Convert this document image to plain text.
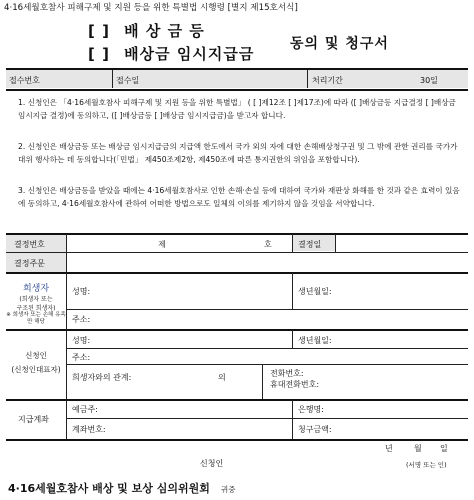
4·16세월호참사 피해구제 및 지원 등을 위한 특별법 시행령 [별지 제15호서식]
[ ] 배 상 금 등
[ ] 배상금 임시지급금
동의 및 청구서
접수번호	접수일	처리기간	30일
1. 신청인은 「4·16세월호참사 피해구제 및 지원 등을 위한 특별법」 ( [ ]제12조 [ ]제17조)에 따라 ([ ]배상금등 지급결정 [ ]배상금 임시지급 결정)에 동의하고, ([ ]배상금등 [ ]배상금 임시지급금)을 받고자 합니다.
2. 신청인은 배상금등 또는 배상금 임시지급금의 지급액 한도에서 국가 외의 자에 대한 손해배상청구권 및 그 밖에 관한 권리를 국가가 대위 행사하는 데 동의합니다(「민법」 제450조제2항, 제450조에 따른 통지권한의 위임을 포함합니다).
3. 신청인은 배상금등을 받았을 때에는 4·16세월호참사로 인한 손해·손실 등에 대하여 국가와 재판상 화해를 한 것과 같은 효력이 있음에 동의하고, 4·16세월호참사에 관하여 어떠한 방법으로도 일체의 이의를 제기하지 않을 것임을 서약합니다.
결정번호	제	호	결정일
결정주문
희생자
(희생자 또는
구조된 희생자)
※ 희생자 또는 손해 유족 만 해당
성명:	생년월일:
주소:
신청인
(신청인대표자)
성명:	생년월일:
주소:
희생자와의 관계:	의	전화번호:
휴대전화번호:
지급계좌
예금주:	은행명:
계좌번호:	청구금액:
년	월 일
신청인	(서명 또는 인)
4·16세월호참사 배상 및 보상 심의위원회 귀중
